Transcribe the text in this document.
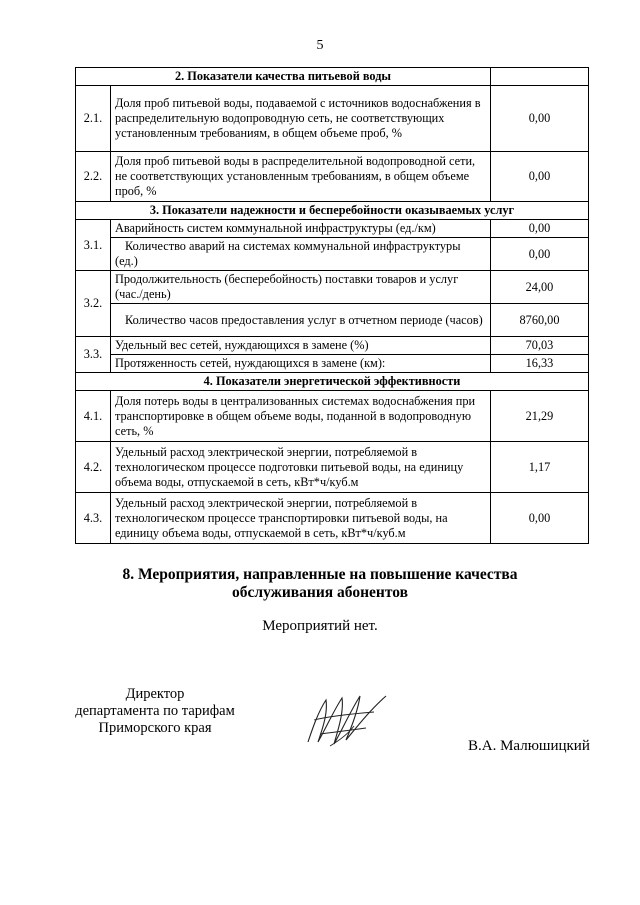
5
2. Показатели качества питьевой воды		
2.1.	Доля проб питьевой воды, подаваемой с источников водоснабжения в распределительную водопроводную сеть, не соответствующих установленным требованиям, в общем объеме проб, %	0,00
2.2.	Доля проб питьевой воды в распределительной водопроводной сети, не соответствующих установленным требованиям, в общем объеме проб, %	0,00
3. Показатели надежности и бесперебойности оказываемых услуг		
3.1.	Аварийность систем коммунальной инфраструктуры (ед./км)	0,00
	Количество аварий на системах коммунальной инфраструктуры (ед.)	0,00
3.2.	Продолжительность (бесперебойность) поставки товаров и услуг (час./день)	24,00
	Количество часов предоставления услуг в отчетном периоде (часов)	8760,00
3.3.	Удельный вес сетей, нуждающихся в замене (%)	70,03
	Протяженность сетей, нуждающихся в замене (км):	16,33
4. Показатели энергетической эффективности		
4.1.	Доля потерь воды в централизованных системах водоснабжения при транспортировке в общем объеме воды, поданной в водопроводную сеть, %	21,29
4.2.	Удельный расход электрической энергии, потребляемой в технологическом процессе подготовки питьевой воды, на единицу объема воды, отпускаемой в сеть, кВт*ч/куб.м	1,17
4.3.	Удельный расход электрической энергии, потребляемой в технологическом процессе транспортировки питьевой воды, на единицу объема воды, отпускаемой в сеть, кВт*ч/куб.м	0,00
8. Мероприятия, направленные на повышение качества
обслуживания абонентов
Мероприятий нет.
Директор
департамента по тарифам
Приморского края
В.А. Малюшицкий
